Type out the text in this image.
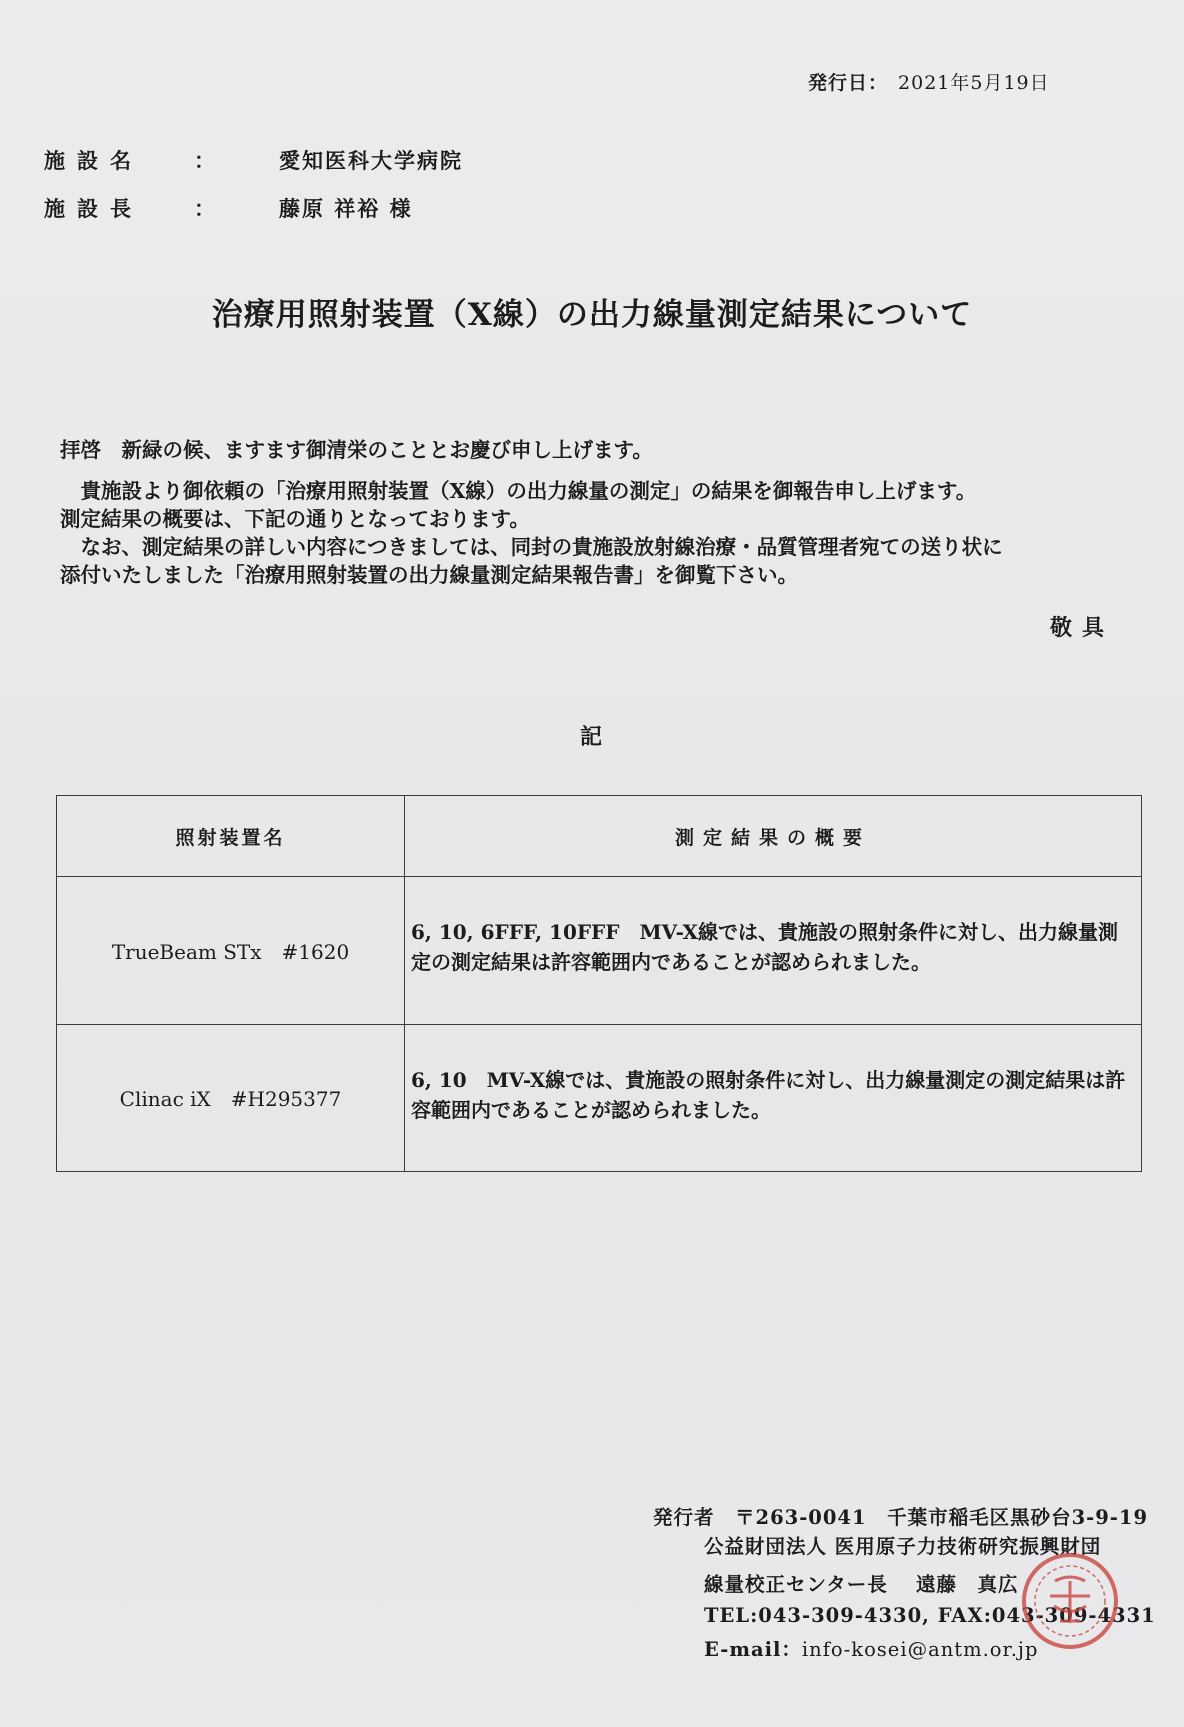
発行日： 2021年5月19日
施設名 ：	愛知医科大学病院
施設長 ：	藤原 祥裕 様
治療用照射装置（X線）の出力線量測定結果について
拝啓　新緑の候、ますます御清栄のこととお慶び申し上げます。
　貴施設より御依頼の「治療用照射装置（X線）の出力線量の測定」の結果を御報告申し上げます。
測定結果の概要は、下記の通りとなっております。
　なお、測定結果の詳しい内容につきましては、同封の貴施設放射線治療・品質管理者宛ての送り状に
添付いたしました「治療用照射装置の出力線量測定結果報告書」を御覧下さい。
敬具
記
照射装置名	測定結果の概要
TrueBeam STx　#1620	6, 10, 6FFF, 10FFF　MV-X線では、貴施設の照射条件に対し、出力線量測定の測定結果は許容範囲内であることが認められました。
Clinac iX　#H295377	6, 10　MV-X線では、貴施設の照射条件に対し、出力線量測定の測定結果は許容範囲内であることが認められました。
発行者　〒263-0041　千葉市稲毛区黒砂台3-9-19
公益財団法人 医用原子力技術研究振興財団
線量校正センター長　 遠藤　真広
TEL:043-309-4330, FAX:043-309-4331
E-mail：info-kosei@antm.or.jp
